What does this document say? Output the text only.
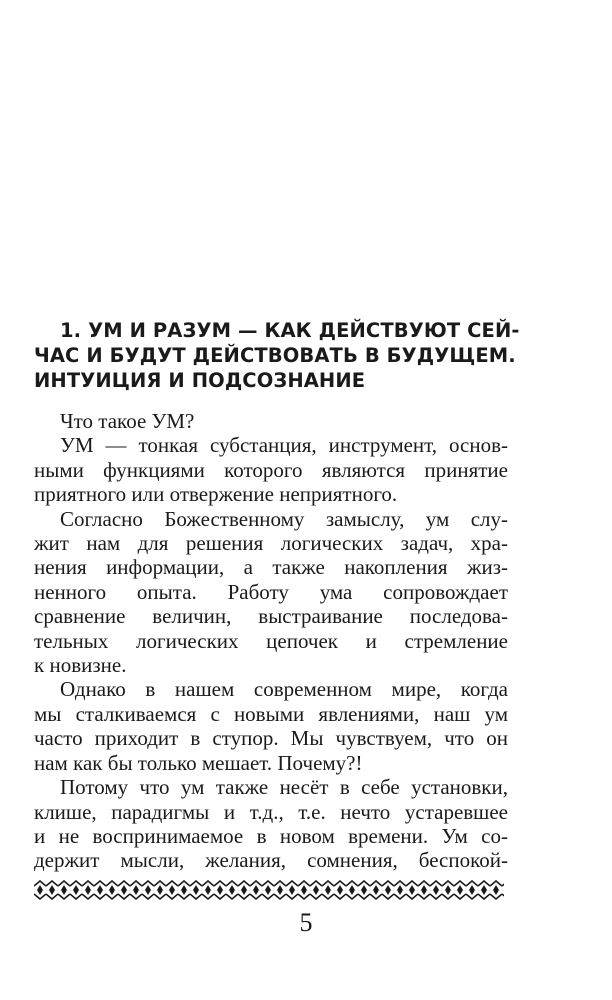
1. УМ И РАЗУМ — КАК ДЕЙСТВУЮТ СЕЙ-
ЧАС И БУДУТ ДЕЙСТВОВАТЬ В БУДУЩЕМ.
ИНТУИЦИЯ И ПОДСОЗНАНИЕ
Что такое УМ?
УМ — тонкая субстанция, инструмент, основ-
ными функциями которого являются принятие
приятного или отвержение неприятного.
Согласно Божественному замыслу, ум слу-
жит нам для решения логических задач, хра-
нения информации, а также накопления жиз-
ненного опыта. Работу ума сопровождает
сравнение величин, выстраивание последова-
тельных логических цепочек и стремление
к новизне.
Однако в нашем современном мире, когда
мы сталкиваемся с новыми явлениями, наш ум
часто приходит в ступор. Мы чувствуем, что он
нам как бы только мешает. Почему?!
Потому что ум также несёт в себе установки,
клише, парадигмы и т.д., т.е. нечто устаревшее
и не воспринимаемое в новом времени. Ум со-
держит мысли, желания, сомнения, беспокой-
5
